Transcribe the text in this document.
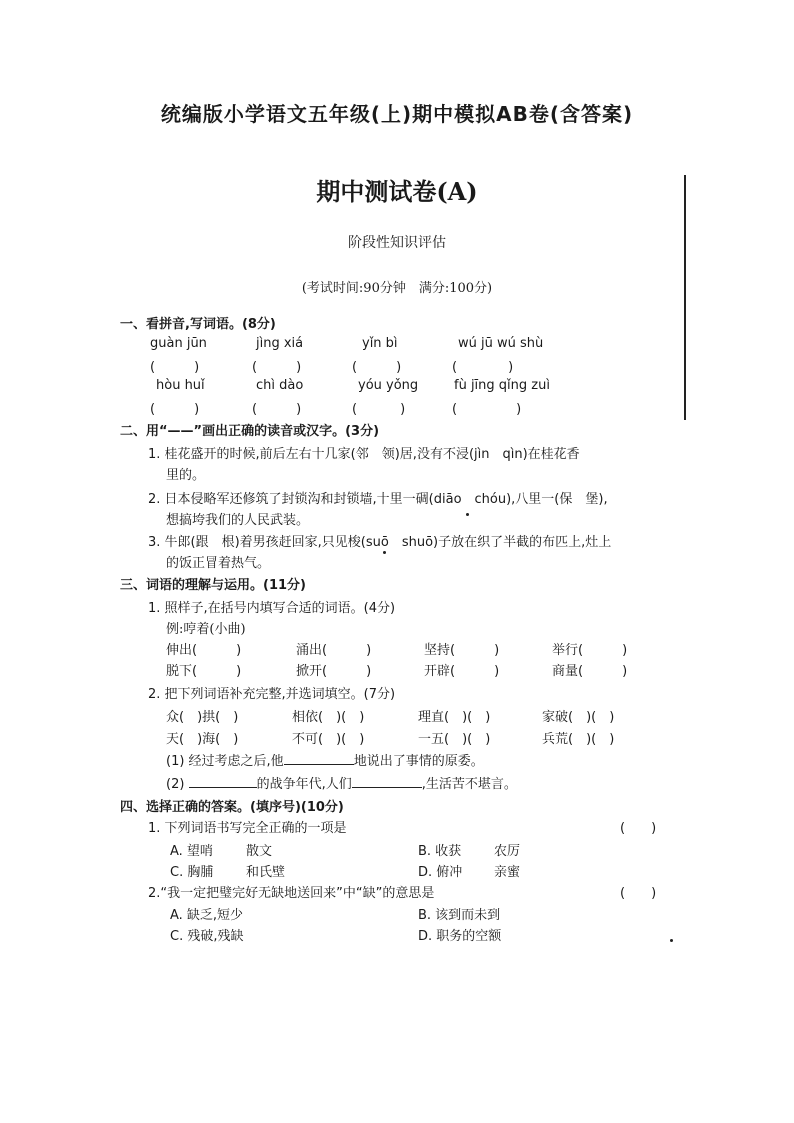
统编版小学语文五年级(上)期中模拟AB卷(含答案)
期中测试卷(A)
阶段性知识评估
(考试时间:90分钟　满分:100分)
一、看拼音,写词语。(8分)
guàn jūn	jìng xiá	yǐn bì	wú jū wú shù
(　　　)	(　　　)	(　　　)	(　　　)
hòu huǐ	chì dào	yóu yǒng	fù jīng qǐng zuì
(　　　)	(　　　)	(　　　)	(　　　)
二、用“——”画出正确的读音或汉字。(3分)
1. 桂花盛开的时候,前后左右十几家(邻　领)居,没有不浸(jìn　qìn)在桂花香
里的。
2. 日本侵略军还修筑了封锁沟和封锁墙,十里一碉(diāo　chóu),八里一(保　堡),
想搞垮我们的人民武装。
3. 牛郎(跟　根)着男孩赶回家,只见梭(suō　shuō)子放在织了半截的布匹上,灶上
的饭正冒着热气。
三、词语的理解与运用。(11分)
1. 照样子,在括号内填写合适的词语。(4分)
例:哼着(小曲)
伸出(　　　)	涌出(　　　)	坚持(　　　)	举行(　　　)
脱下(　　　)	掀开(　　　)	开辟(　　　)	商量(　　　)
2. 把下列词语补充完整,并选词填空。(7分)
众(　)拱(　)	相依(　)(　)	理直(　)(　)	家破(　)(　)
天(　)海(　)	不可(　)(　)	一五(　)(　)	兵荒(　)(　)
(1) 经过考虑之后,他	地说出了事情的原委。
(2)	的战争年代,人们	,生活苦不堪言。
四、选择正确的答案。(填序号)(10分)
1. 下列词语书写完全正确的一项是	(　　)
A. 望哨	散文	B. 收获	农厉
C. 胸脯	和氏壁	D. 俯冲 亲蜜
2.“我一定把璧完好无缺地送回来”中“缺”的意思是	(　　)
A. 缺乏,短少	B. 该到而未到
C. 残破,残缺	D. 职务的空额
